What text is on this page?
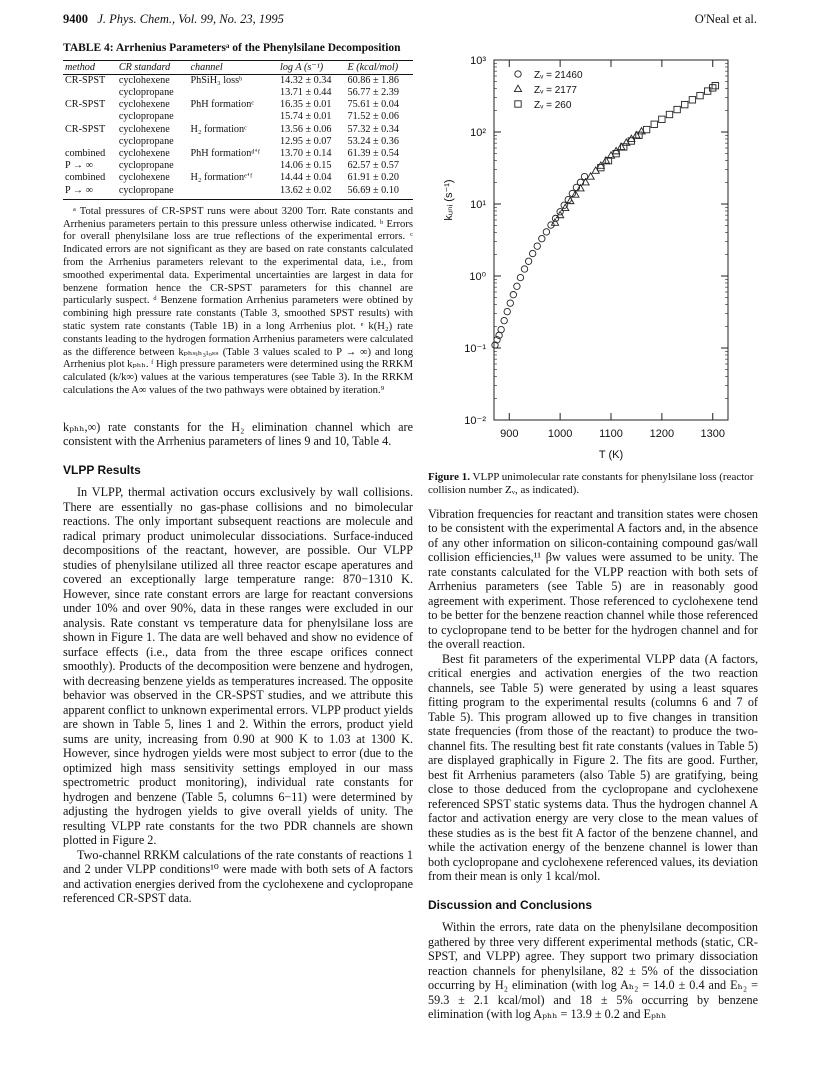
9400 J. Phys. Chem., Vol. 99, No. 23, 1995	O'Neal et al.
TABLE 4: Arrhenius Parametersᵃ of the Phenylsilane Decomposition
method	CR standard	channel	log A (s⁻¹)	E (kcal/mol)
CR-SPST	cyclohexene	PhSiH₃ lossᵇ	14.32 ± 0.34	60.86 ± 1.86
	cyclopropane		13.71 ± 0.44	56.77 ± 2.39
CR-SPST	cyclohexene	PhH formationᶜ	16.35 ± 0.01	75.61 ± 0.04
	cyclopropane		15.74 ± 0.01	71.52 ± 0.06
CR-SPST	cyclohexene	H₂ formationᶜ	13.56 ± 0.06	57.32 ± 0.34
	cyclopropane		12.95 ± 0.07	53.24 ± 0.36
combined	cyclohexene	PhH formationᵈʻᶠ	13.70 ± 0.14	61.39 ± 0.54
P → ∞	cyclopropane		14.06 ± 0.15	62.57 ± 0.57
combined	cyclohexene	H₂ formationᵉʻᶠ	14.44 ± 0.04	61.91 ± 0.20
P → ∞	cyclopropane		13.62 ± 0.02	56.69 ± 0.10
ᵃ Total pressures of CR-SPST runs were about 3200 Torr. Rate constants and Arrhenius parameters pertain to this pressure unless otherwise indicated. ᵇ Errors for overall phenylsilane loss are true reflections of the experimental errors. ᶜ Indicated errors are not significant as they are based on rate constants calculated from the Arrhenius parameters relevant to the experimental data, i.e., from smoothed experimental data. Experimental uncertainties are largest in data for benzene formation hence the CR-SPST parameters for this channel are particularly suspect. ᵈ Benzene formation Arrhenius parameters were obtined by combining high pressure rate constants (Table 3, smoothed SPST results) with static system rate constants (Table 1B) in a long Arrhenius plot. ᵉ k(H₂) rate constants leading to the hydrogen formation Arrhenius parameters were calculated as the difference between kₚₕₛᵢₕ₃ₗₒₛₛ (Table 3 values scaled to P → ∞) and long Arrhenius plot kₚₕₕ. ᶠ High pressure parameters were determined using the RRKM calculated (k/k∞) values at the various temperatures (see Table 3). In the RRKM calculations the A∞ values of the two pathways were obtained by iteration.⁹

kₚₕₕ,∞) rate constants for the H₂ elimination channel which are consistent with the Arrhenius parameters of lines 9 and 10, Table 4.

VLPP Results

In VLPP, thermal activation occurs exclusively by wall collisions. There are essentially no gas-phase collisions and no bimolecular reactions. The only important subsequent reactions are molecule and radical primary product unimolecular dissociations. Surface-induced decompositions of the reactant, however, are possible. Our VLPP studies of phenylsilane utilized all three reactor escape aperatures and covered an exceptionally large temperature range: 870−1310 K. However, since rate constant errors are large for reactant conversions under 10% and over 90%, data in these ranges were excluded in our analysis. Rate constant vs temperature data for phenylsilane loss are shown in Figure 1. The data are well behaved and show no evidence of surface effects (i.e., data from the three escape orifices connect smoothly). Products of the decomposition were benzene and hydrogen, with decreasing benzene yields as temperatures increased. The opposite behavior was observed in the CR-SPST studies, and we attribute this apparent conflict to unknown experimental errors. VLPP product yields are shown in Table 5, lines 1 and 2. Within the errors, product yield sums are unity, increasing from 0.90 at 900 K to 1.03 at 1300 K. However, since hydrogen yields were most subject to error (due to the optimized high mass sensitivity settings employed in our mass spectrometric product monitoring), individual rate constants for hydrogen and benzene (Table 5, columns 6−11) were determined by adjusting the hydrogen yields to give overall yields of unity. The resulting VLPP rate constants for the two PDR channels are shown plotted in Figure 2.

Two-channel RRKM calculations of the rate constants of reactions 1 and 2 under VLPP conditions¹⁰ were made with both sets of A factors and activation energies derived from the cyclohexene and cyclopropane referenced CR-SPST data.

10⁻²
10⁻¹
10⁰
10¹
10²
10³
900	1000 1100 1200 1300
T (K)
kᵤₙᵢ (s⁻¹)
Zᵥ = 21460
Zᵥ = 2177
Zᵥ = 260
Figure 1. VLPP unimolecular rate constants for phenylsilane loss (reactor collision number Zᵥ, as indicated).

Vibration frequencies for reactant and transition states were chosen to be consistent with the experimental A factors and, in the absence of any other information on silicon-containing compound gas/wall collision efficiencies,¹¹ βw values were assumed to be unity. The rate constants calculated for the VLPP reaction with both sets of Arrhenius parameters (see Table 5) are in reasonably good agreement with experiment. Those referenced to cyclohexene tend to be better for the benzene reaction channel while those referenced to cyclopropane tend to be better for the hydrogen channel and for the overall reaction.

Best fit parameters of the experimental VLPP data (A factors, critical energies and activation energies of the two reaction channels, see Table 5) were generated by using a least squares fitting program to the experimental results (columns 6 and 7 of Table 5). This program allowed up to five changes in transition state frequencies (from those of the reactant) to produce the two-channel fits. The resulting best fit rate constants (values in Table 5) are displayed graphically in Figure 2. The fits are good. Further, best fit Arrhenius parameters (also Table 5) are gratifying, being close to those deduced from the cyclopropane and cyclohexene referenced SPST static systems data. Thus the hydrogen channel A factor and activation energy are very close to the mean values of these studies as is the best fit A factor of the benzene channel, and while the activation energy of the benzene channel is lower than both cyclopropane and cyclohexene referenced values, its deviation from their mean is only 1 kcal/mol.

Discussion and Conclusions

Within the errors, rate data on the phenylsilane decomposition gathered by three very different experimental methods (static, CR-SPST, and VLPP) agree. They support two primary dissociation reaction channels for phenylsilane, 82 ± 5% of the dissociation occurring by H₂ elimination (with log Aₕ₂ = 14.0 ± 0.4 and Eₕ₂ = 59.3 ± 2.1 kcal/mol) and 18 ± 5% occurring by benzene elimination (with log Aₚₕₕ = 13.9 ± 0.2 and Eₚₕₕ
